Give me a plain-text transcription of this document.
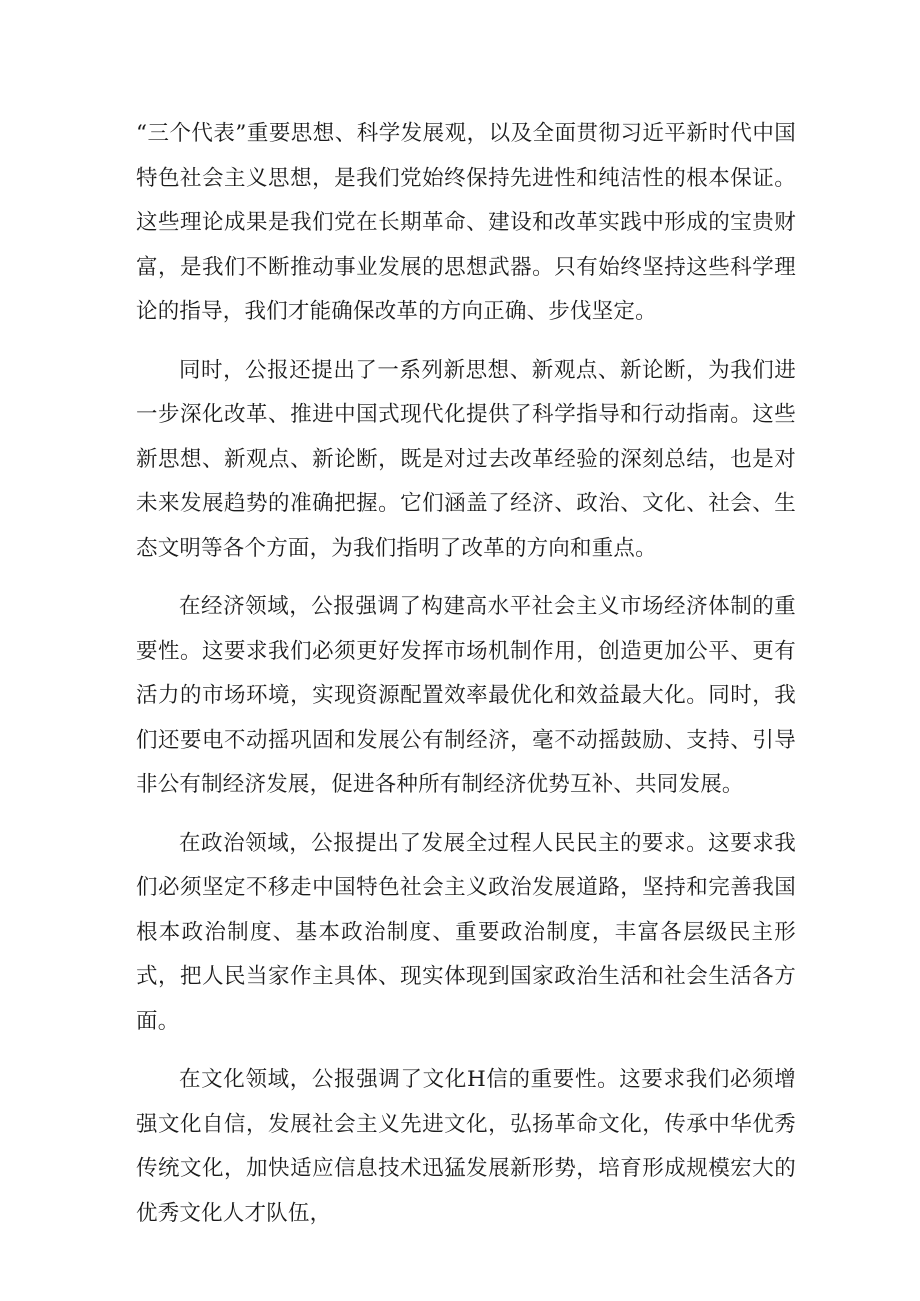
“三个代表”重要思想、科学发展观，以及全面贯彻习近平新时代中国特色社会主义思想，是我们党始终保持先进性和纯洁性的根本保证。这些理论成果是我们党在长期革命、建设和改革实践中形成的宝贵财富，是我们不断推动事业发展的思想武器。只有始终坚持这些科学理论的指导，我们才能确保改革的方向正确、步伐坚定。

同时，公报还提出了一系列新思想、新观点、新论断，为我们进一步深化改革、推进中国式现代化提供了科学指导和行动指南。这些新思想、新观点、新论断，既是对过去改革经验的深刻总结，也是对未来发展趋势的准确把握。它们涵盖了经济、政治、文化、社会、生态文明等各个方面，为我们指明了改革的方向和重点。

在经济领域，公报强调了构建高水平社会主义市场经济体制的重要性。这要求我们必须更好发挥市场机制作用，创造更加公平、更有活力的市场环境，实现资源配置效率最优化和效益最大化。同时，我们还要电不动摇巩固和发展公有制经济，毫不动摇鼓励、支持、引导非公有制经济发展，促进各种所有制经济优势互补、共同发展。

在政治领域，公报提出了发展全过程人民民主的要求。这要求我们必须坚定不移走中国特色社会主义政治发展道路，坚持和完善我国根本政治制度、基本政治制度、重要政治制度，丰富各层级民主形式，把人民当家作主具体、现实体现到国家政治生活和社会生活各方面。

在文化领域，公报强调了文化H信的重要性。这要求我们必须增强文化自信，发展社会主义先进文化，弘扬革命文化，传承中华优秀传统文化，加快适应信息技术迅猛发展新形势，培育形成规模宏大的优秀文化人才队伍，
